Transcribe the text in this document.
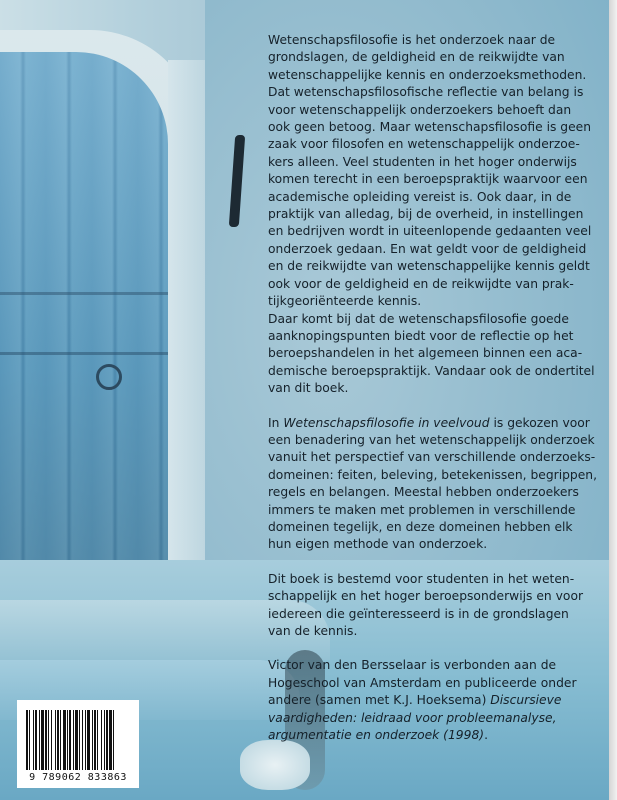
Wetenschapsfilosofie is het onderzoek naar de
grondslagen, de geldigheid en de reikwijdte van
wetenschappelijke kennis en onderzoeksmethoden.

Dat wetenschapsfilosofische reflectie van belang is
voor wetenschappelijk onderzoekers behoeft dan
ook geen betoog. Maar wetenschapsfilosofie is geen
zaak voor filosofen en wetenschappelijk onderzoe-
kers alleen. Veel studenten in het hoger onderwijs
komen terecht in een beroepspraktijk waarvoor een
academische opleiding vereist is. Ook daar, in de
praktijk van alledag, bij de overheid, in instellingen
en bedrijven wordt in uiteenlopende gedaanten veel
onderzoek gedaan. En wat geldt voor de geldigheid
en de reikwijdte van wetenschappelijke kennis geldt
ook voor de geldigheid en de reikwijdte van prak-
tijkgeoriënteerde kennis.

Daar komt bij dat de wetenschapsfilosofie goede
aanknopingspunten biedt voor de reflectie op het
beroepshandelen in het algemeen binnen een aca-
demische beroepspraktijk. Vandaar ook de ondertitel
van dit boek.

In Wetenschapsfilosofie in veelvoud is gekozen voor
een benadering van het wetenschappelijk onderzoek
vanuit het perspectief van verschillende onderzoeks-
domeinen: feiten, beleving, betekenissen, begrippen,
regels en belangen. Meestal hebben onderzoekers
immers te maken met problemen in verschillende
domeinen tegelijk, en deze domeinen hebben elk
hun eigen methode van onderzoek.

Dit boek is bestemd voor studenten in het weten-
schappelijk en het hoger beroepsonderwijs en voor
iedereen die geïnteresseerd is in de grondslagen
van de kennis.

Victor van den Bersselaar is verbonden aan de
Hogeschool van Amsterdam en publiceerde onder
andere (samen met K.J. Hoeksema) Discursieve
vaardigheden: leidraad voor probleemanalyse,
argumentatie en onderzoek (1998).

9 789062 833863
